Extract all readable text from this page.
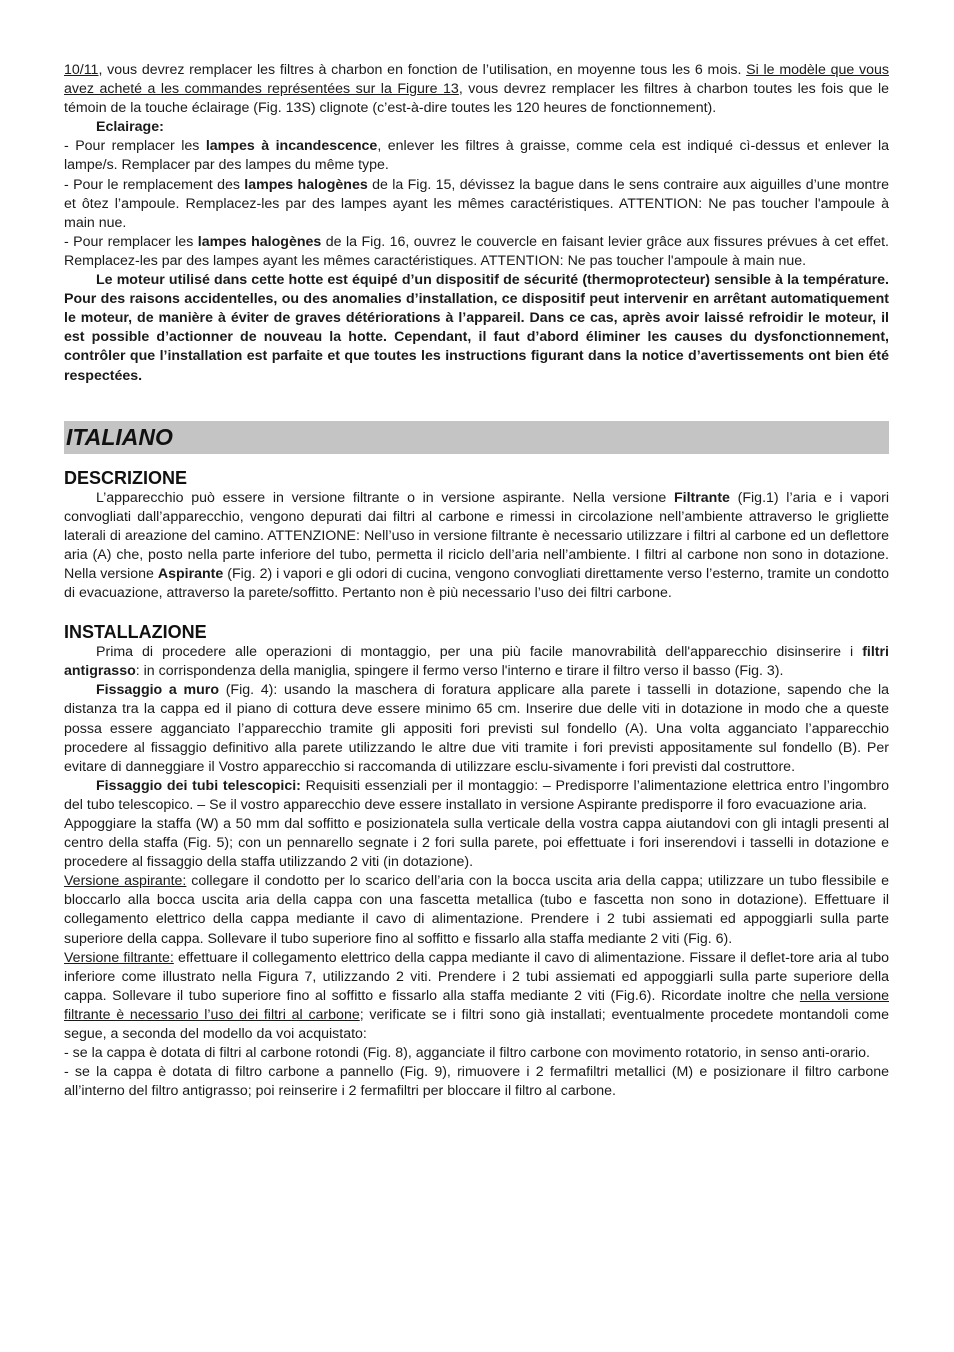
10/11, vous devrez remplacer les filtres à charbon en fonction de l’utilisation, en moyenne tous les 6 mois. Si le modèle que vous avez acheté a les commandes représentées sur la Figure 13, vous devrez remplacer les filtres à charbon toutes les fois que le témoin de la touche éclairage (Fig. 13S) clignote (c’est-à-dire toutes les 120 heures de fonctionnement).

Eclairage:

- Pour remplacer les lampes à incandescence, enlever les filtres à graisse, comme cela est indiqué cì-dessus et enlever la lampe/s. Remplacer par des lampes du même type.

- Pour le remplacement des lampes halogènes de la Fig. 15, dévissez la bague dans le sens contraire aux aiguilles d’une montre et ôtez l’ampoule. Remplacez-les par des lampes ayant les mêmes caractéristiques. ATTENTION: Ne pas toucher l'ampoule à main nue.

- Pour remplacer les lampes halogènes de la Fig. 16, ouvrez le couvercle en faisant levier grâce aux fissures prévues à cet effet. Remplacez-les par des lampes ayant les mêmes caractéristiques. ATTENTION: Ne pas toucher l'ampoule à main nue.

Le moteur utilisé dans cette hotte est équipé d’un dispositif de sécurité (thermoprotecteur) sensible à la température. Pour des raisons accidentelles, ou des anomalies d’installation, ce dispositif peut intervenir en arrêtant automatiquement le moteur, de manière à éviter de graves détériorations à l’appareil. Dans ce cas, après avoir laissé refroidir le moteur, il est possible d’actionner de nouveau la hotte. Cependant, il faut d’abord éliminer les causes du dysfonctionnement, contrôler que l’installation est parfaite et que toutes les instructions figurant dans la notice d’avertissements ont bien été respectées.

ITALIANO
DESCRIZIONE

L’apparecchio può essere in versione filtrante o in versione aspirante. Nella versione Filtrante (Fig.1) l’aria e i vapori convogliati dall’apparecchio, vengono depurati dai filtri al carbone e rimessi in circolazione nell’ambiente attraverso le grigliette laterali di areazione del camino. ATTENZIONE: Nell’uso in versione filtrante è necessario utilizzare i filtri al carbone ed un deflettore aria (A) che, posto nella parte inferiore del tubo, permetta il riciclo dell’aria nell’ambiente. I filtri al carbone non sono in dotazione. Nella versione Aspirante (Fig. 2) i vapori e gli odori di cucina, vengono convogliati direttamente verso l’esterno, tramite un condotto di evacuazione, attraverso la parete/soffitto. Pertanto non è più necessario l’uso dei filtri carbone.

INSTALLAZIONE

Prima di procedere alle operazioni di montaggio, per una più facile manovrabilità dell'apparecchio disinserire i filtri antigrasso: in corrispondenza della maniglia, spingere il fermo verso l'interno e tirare il filtro verso il basso (Fig. 3).

Fissaggio a muro (Fig. 4): usando la maschera di foratura applicare alla parete i tasselli in dotazione, sapendo che la distanza tra la cappa ed il piano di cottura deve essere minimo 65 cm. Inserire due delle viti in dotazione in modo che a queste possa essere agganciato l’apparecchio tramite gli appositi fori previsti sul fondello (A). Una volta agganciato l’apparecchio procedere al fissaggio definitivo alla parete utilizzando le altre due viti tramite i fori previsti appositamente sul fondello (B). Per evitare di danneggiare il Vostro apparecchio si raccomanda di utilizzare esclu-sivamente i fori previsti dal costruttore.

Fissaggio dei tubi telescopici: Requisiti essenziali per il montaggio: – Predisporre l’alimentazione elettrica entro l’ingombro del tubo telescopico. – Se il vostro apparecchio deve essere installato in versione Aspirante predisporre il foro evacuazione aria.

Appoggiare la staffa (W) a 50 mm dal soffitto e posizionatela sulla verticale della vostra cappa aiutandovi con gli intagli presenti al centro della staffa (Fig. 5); con un pennarello segnate i 2 fori sulla parete, poi effettuate i fori inserendovi i tasselli in dotazione e procedere al fissaggio della staffa utilizzando 2 viti (in dotazione).

Versione aspirante: collegare il condotto per lo scarico dell’aria con la bocca uscita aria della cappa; utilizzare un tubo flessibile e bloccarlo alla bocca uscita aria della cappa con una fascetta metallica (tubo e fascetta non sono in dotazione). Effettuare il collegamento elettrico della cappa mediante il cavo di alimentazione. Prendere i 2 tubi assiemati ed appoggiarli sulla parte superiore della cappa. Sollevare il tubo superiore fino al soffitto e fissarlo alla staffa mediante 2 viti (Fig. 6).

Versione filtrante: effettuare il collegamento elettrico della cappa mediante il cavo di alimentazione. Fissare il deflet-tore aria al tubo inferiore come illustrato nella Figura 7, utilizzando 2 viti. Prendere i 2 tubi assiemati ed appoggiarli sulla parte superiore della cappa. Sollevare il tubo superiore fino al soffitto e fissarlo alla staffa mediante 2 viti (Fig.6). Ricordate inoltre che nella versione filtrante è necessario l’uso dei filtri al carbone; verificate se i filtri sono già installati; eventualmente procedete montandoli come segue, a seconda del modello da voi acquistato:

- se la cappa è dotata di filtri al carbone rotondi (Fig. 8), agganciate il filtro carbone con movimento rotatorio, in senso anti-orario.

- se la cappa è dotata di filtro carbone a pannello (Fig. 9), rimuovere i 2 fermafiltri metallici (M) e posizionare il filtro carbone all’interno del filtro antigrasso; poi reinserire i 2 fermafiltri per bloccare il filtro al carbone.
